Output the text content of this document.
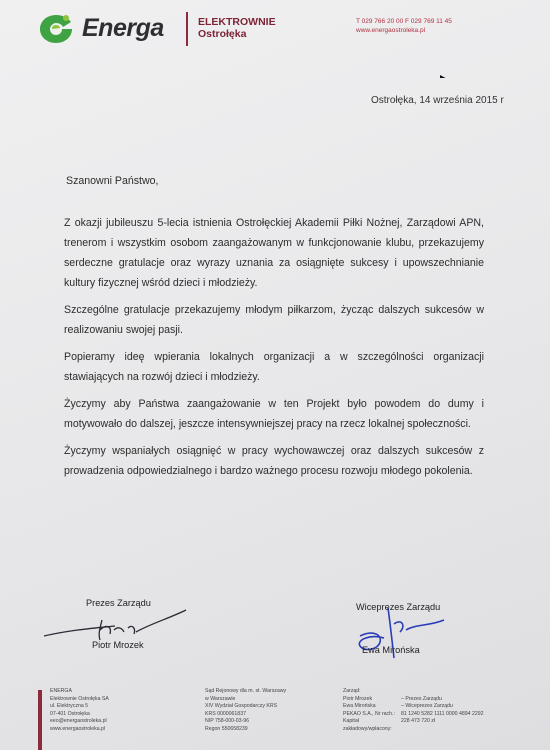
Energa	ELEKTROWNIE
Ostrołęka
T 029 766 20 00 F 029 769 11 45
www.energaostroleka.pl
Ostrołęka, 14 września 2015 r

Szanowni Państwo,

Z okazji jubileuszu 5-lecia istnienia Ostrołęckiej Akademii Piłki Nożnej, Zarządowi APN, trenerom i wszystkim osobom zaangażowanym w funkcjonowanie klubu, przekazujemy serdeczne gratulacje oraz wyrazy uznania za osiągnięte sukcesy i upowszechnianie kultury fizycznej wśród dzieci i młodzieży.

Szczególne gratulacje przekazujemy młodym piłkarzom, życząc dalszych sukcesów w realizowaniu swojej pasji.

Popieramy ideę wpierania lokalnych organizacji a w szczególności organizacji stawiających na rozwój dzieci i młodzieży.

Życzymy aby Państwa zaangażowanie w ten Projekt było powodem do dumy i motywowało do dalszej, jeszcze intensywniejszej pracy na rzecz lokalnej społeczności.

Życzymy wspaniałych osiągnięć w pracy wychowawczej oraz dalszych sukcesów z prowadzenia odpowiedzialnego i bardzo ważnego procesu rozwoju młodego pokolenia.

Prezes Zarządu
Piotr Mrozek
Wiceprezes Zarządu
Ewa Mirońska
ENERGA
Elektrownie Ostrołęka SA
ul. Elektryczna 5
07-401 Ostrołęka
eeo@energaostroleka.pl
www.energaostroleka.pl
Sąd Rejonowy dla m. st. Warszawy
w Warszawie
XIV Wydział Gospodarczy KRS
KRS 0000061837
NIP 758-000-03-96
Regon 550658239
Zarząd:
Piotr Mrozek	– Prezes Zarządu
Ewa Mirońska	– Wiceprezes Zarządu
PEKAO S.A., Nr rach.:	81 1240 5282 1111 0000 4894 2292
Kapitał zakładowy/wpłacony:
228 473 720 zł
